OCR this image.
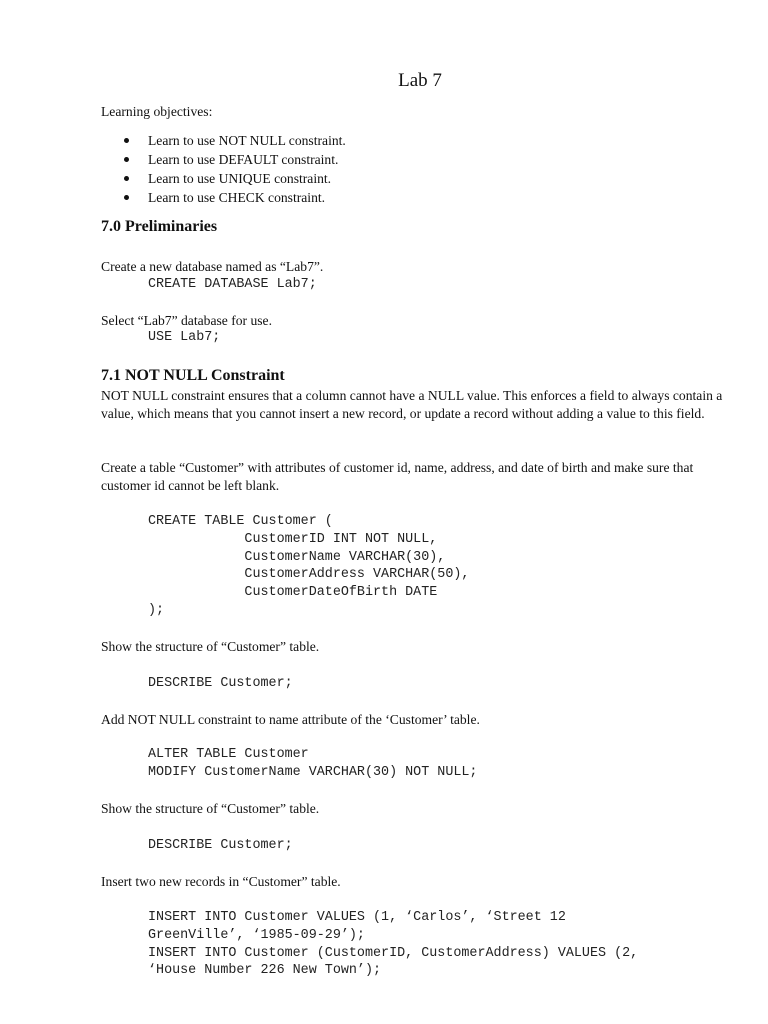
Lab 7
Learning objectives:
Learn to use NOT NULL constraint.
Learn to use DEFAULT constraint.
Learn to use UNIQUE constraint.
Learn to use CHECK constraint.
7.0 Preliminaries
Create a new database named as “Lab7”.
CREATE DATABASE Lab7;
Select “Lab7” database for use.
USE Lab7;
7.1 NOT NULL Constraint
NOT NULL constraint ensures that a column cannot have a NULL value. This enforces a field to always contain a value, which means that you cannot insert a new record, or update a record without adding a value to this field.
Create a table “Customer” with attributes of customer id, name, address, and date of birth and make sure that customer id cannot be left blank.
CREATE TABLE Customer (
CustomerID INT NOT NULL,
CustomerName VARCHAR(30),
CustomerAddress VARCHAR(50),
CustomerDateOfBirth DATE
);
Show the structure of “Customer” table.
DESCRIBE Customer;
Add NOT NULL constraint to name attribute of the ‘Customer’ table.
ALTER TABLE Customer
MODIFY CustomerName VARCHAR(30) NOT NULL;
Show the structure of “Customer” table.
DESCRIBE Customer;
Insert two new records in “Customer” table.
INSERT INTO Customer VALUES (1, ‘Carlos’, ‘Street 12
GreenVille’, ‘1985-09-29’);
INSERT INTO Customer (CustomerID, CustomerAddress) VALUES (2,
‘House Number 226 New Town’);
